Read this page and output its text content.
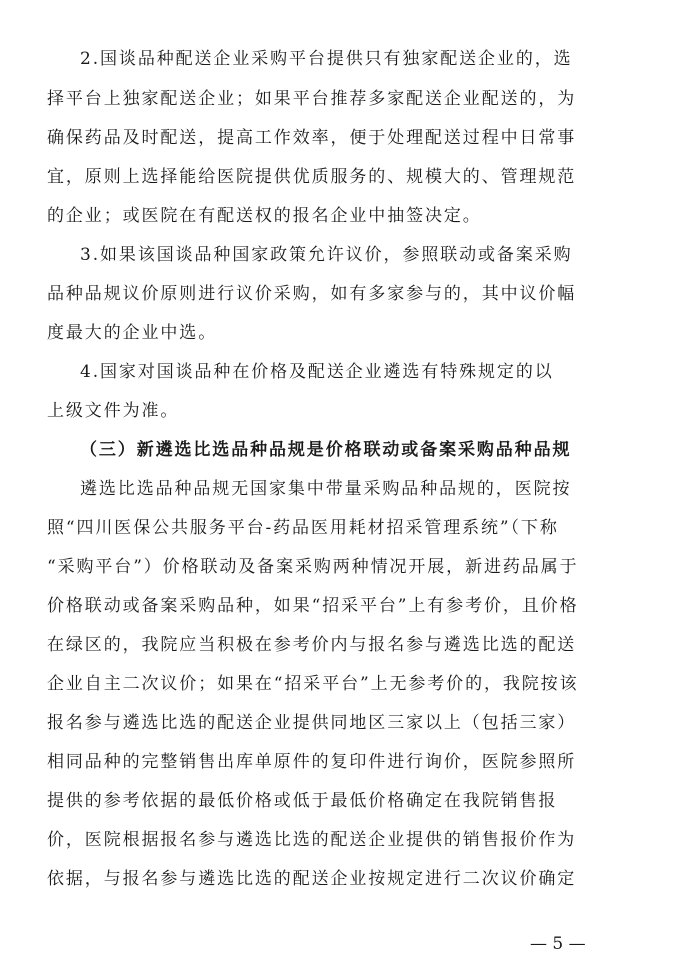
2.国谈品种配送企业采购平台提供只有独家配送企业的，选
择平台上独家配送企业；如果平台推荐多家配送企业配送的，为
确保药品及时配送，提高工作效率，便于处理配送过程中日常事
宜，原则上选择能给医院提供优质服务的、规模大的、管理规范
的企业；或医院在有配送权的报名企业中抽签决定。
3.如果该国谈品种国家政策允许议价，参照联动或备案采购
品种品规议价原则进行议价采购，如有多家参与的，其中议价幅
度最大的企业中选。
4.国家对国谈品种在价格及配送企业遴选有特殊规定的以
上级文件为准。
（三）新遴选比选品种品规是价格联动或备案采购品种品规
遴选比选品种品规无国家集中带量采购品种品规的，医院按
照“四川医保公共服务平台-药品医用耗材招采管理系统”（下称
“采购平台”）价格联动及备案采购两种情况开展，新进药品属于
价格联动或备案采购品种，如果“招采平台”上有参考价，且价格
在绿区的，我院应当积极在参考价内与报名参与遴选比选的配送
企业自主二次议价；如果在“招采平台”上无参考价的，我院按该
报名参与遴选比选的配送企业提供同地区三家以上（包括三家）
相同品种的完整销售出库单原件的复印件进行询价，医院参照所
提供的参考依据的最低价格或低于最低价格确定在我院销售报
价，医院根据报名参与遴选比选的配送企业提供的销售报价作为
依据，与报名参与遴选比选的配送企业按规定进行二次议价确定
— 5 —
